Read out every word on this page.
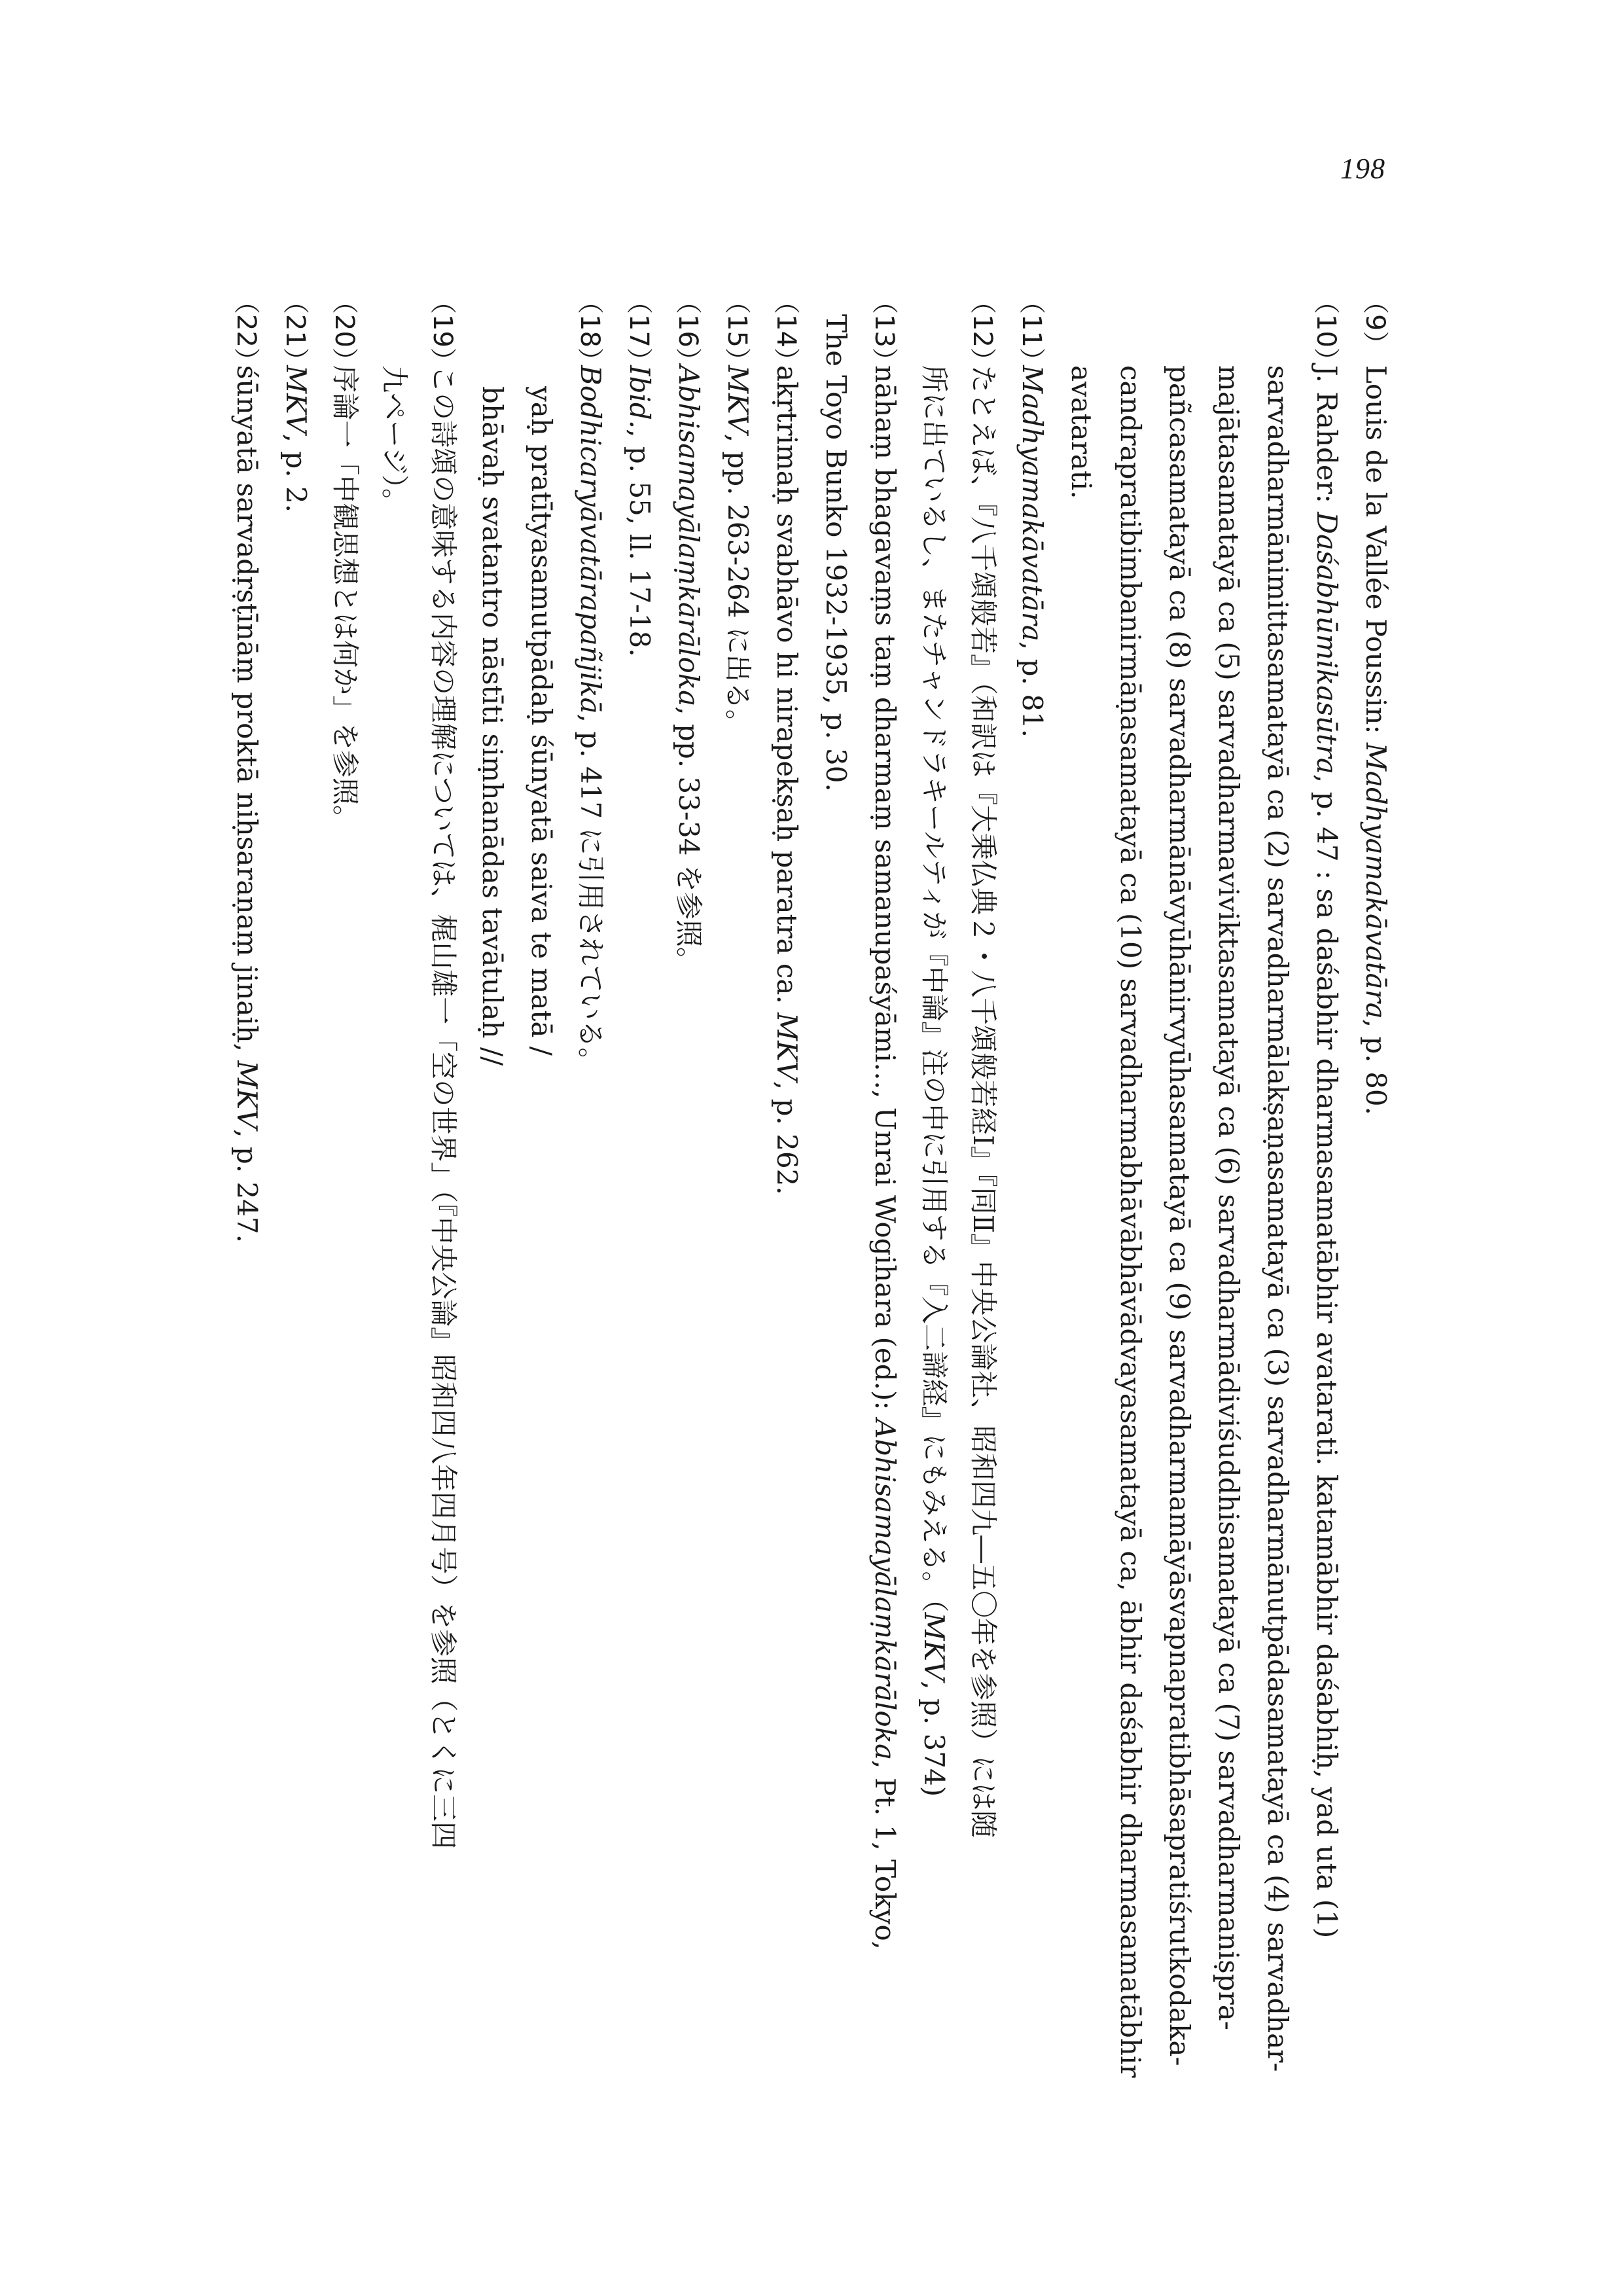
198
（9）Louis de la Vallée Poussin: Madhyamakāvatāra, p. 80.
（10）J. Rahder: Daśabhūmikasūtra, p. 47 : sa daśabhir dharmasamatābhir avatarati. katamābhir daśabhiḥ, yad uta (1)
sarvadharmānimittasamatayā ca (2) sarvadharmālakṣaṇasamatayā ca (3) sarvadharmānutpādasamatayā ca (4) sarvadhar-
majātasamatayā ca (5) sarvadharmaviviktasamatayā ca (6) sarvadharmādiviśuddhisamatayā ca (7) sarvadharmaniṣpra-
pañcasamatayā ca (8) sarvadharmānāvyūhānirvyūhasamatayā ca (9) sarvadharmamāyāsvapnapratibhāsapratiśrutkodaka-
candrapratibimbanirmāṇasamatayā ca (10) sarvadharmabhāvābhāvādvayasamatayā ca, ābhir daśabhir dharmasamatābhir
avatarati.
（11）Madhyamakāvatāra, p. 81.
（12）たとえば、『八千頌般若』（和訳は『大乗仏典２・八千頌般若経Ⅰ』『同Ⅱ』中央公論社、昭和四九―五〇年を参照）には随
所に出ているし、またチャンドラキールティが『中論』注の中に引用する『入二諦経』にもみえる。（MKV, p. 374)
（13）nāhaṃ bhagavaṃs taṃ dharmaṃ samanupaśyāmi…, Unrai Wogihara (ed.): Abhisamayālaṃkārāloka, Pt. 1, Tokyo,
The Toyo Bunko 1932-1935, p. 30.
（14）akṛtrimaḥ svabhāvo hi nirapekṣaḥ paratra ca. MKV, p. 262.
（15）MKV, pp. 263-264 に出る。
（16）Abhisamayālaṃkārāloka, pp. 33-34 を参照。
（17）Ibid., p. 55, ll. 17-18.
（18）Bodhicaryāvatārapañjikā, p. 417 に引用されている。
yaḥ pratītyasamutpādaḥ śūnyatā saiva te matā /
bhāvaḥ svatantro nāstīti siṃhanādas tavātulaḥ //
（19）この詩頌の意味する内容の理解については、梶山雄一「空の世界」（『中央公論』昭和四八年四月号）を参照（とくに三四
九ページ）。
（20）序論一「中観思想とは何か」を参照。
（21）MKV, p. 2.
（22）śūnyatā sarvadṛṣṭīnāṃ proktā niḥsaraṇaṃ jinaiḥ, MKV, p. 247.
